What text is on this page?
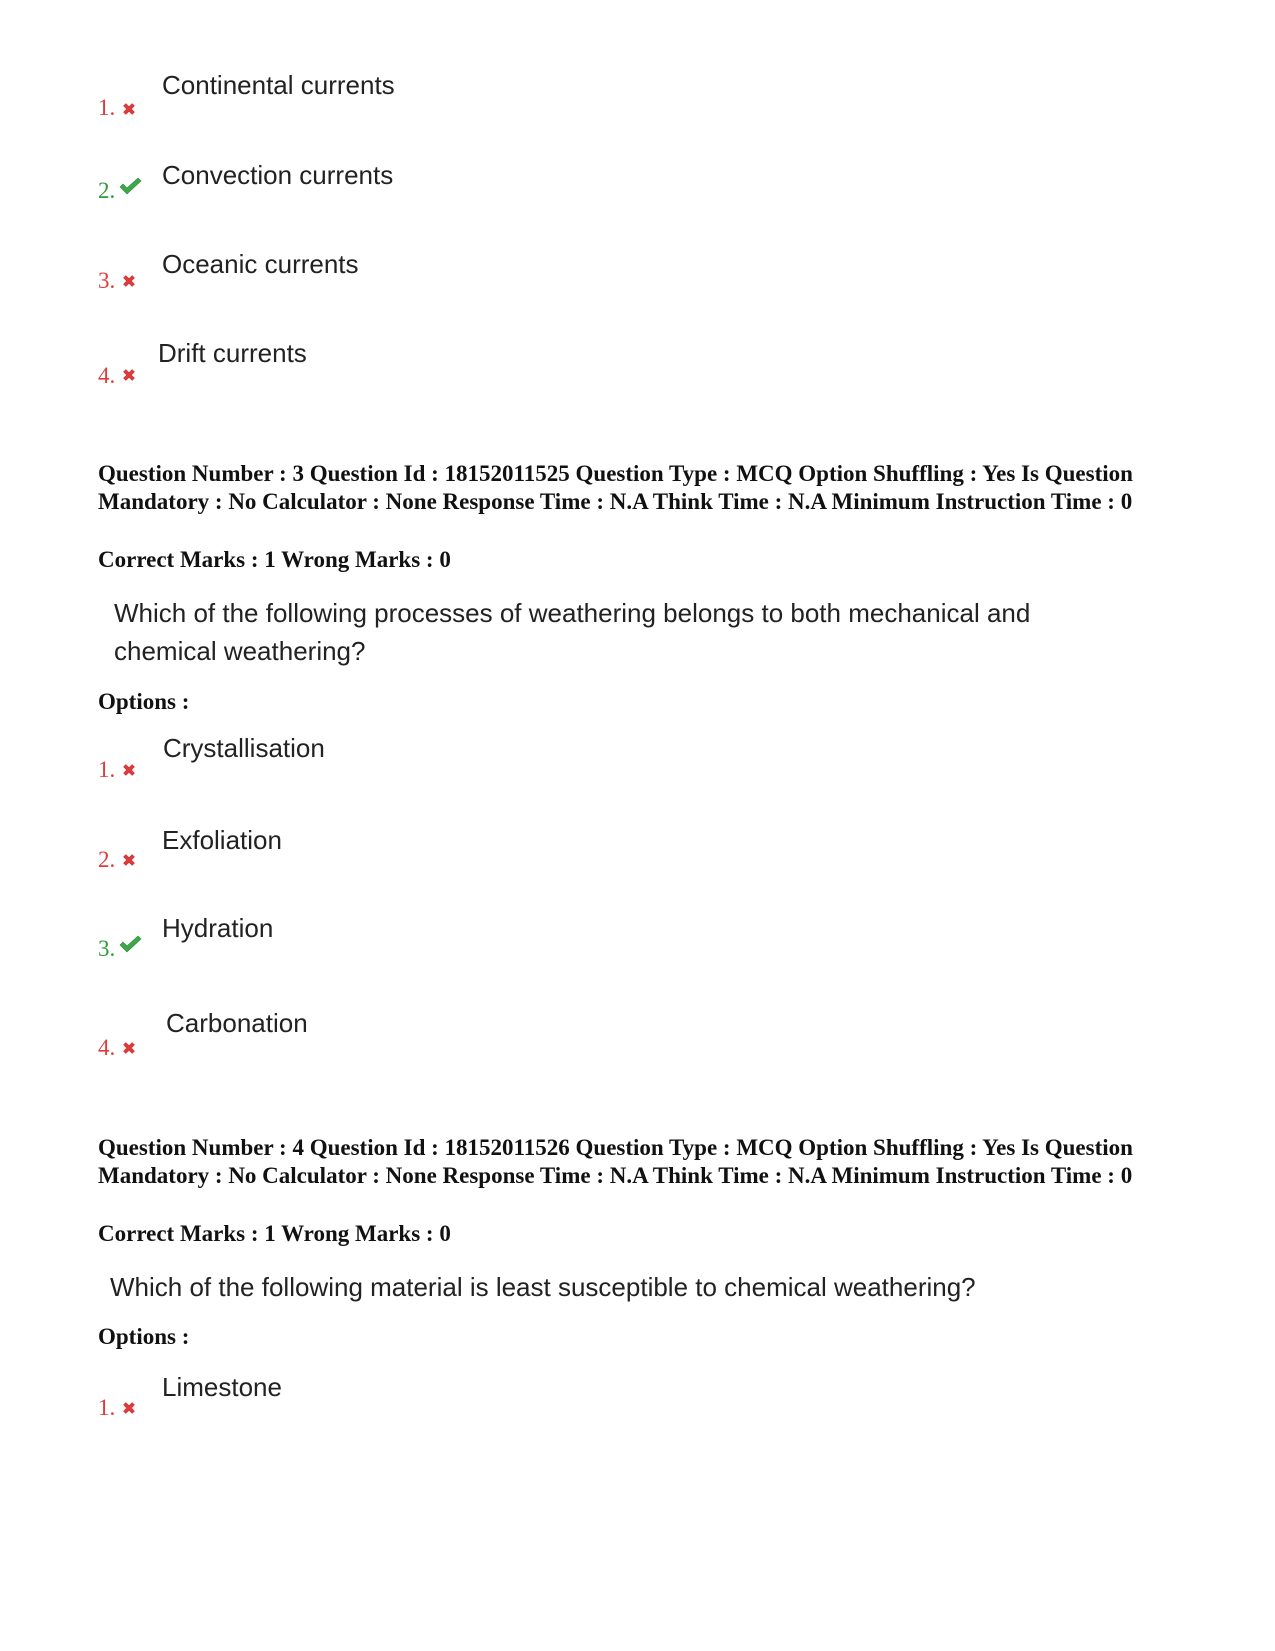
1.
Continental currents
2.
Convection currents
3.
Oceanic currents
4.
Drift currents
Question Number : 3 Question Id : 18152011525 Question Type : MCQ Option Shuffling : Yes Is Question Mandatory : No Calculator : None Response Time : N.A Think Time : N.A Minimum Instruction Time : 0
Correct Marks : 1 Wrong Marks : 0
Which of the following processes of weathering belongs to both mechanical and chemical weathering?
Options :
1.
Crystallisation
2.
Exfoliation
3.
Hydration
4.
Carbonation
Question Number : 4 Question Id : 18152011526 Question Type : MCQ Option Shuffling : Yes Is Question Mandatory : No Calculator : None Response Time : N.A Think Time : N.A Minimum Instruction Time : 0
Correct Marks : 1 Wrong Marks : 0
Which of the following material is least susceptible to chemical weathering?
Options :
1.
Limestone
